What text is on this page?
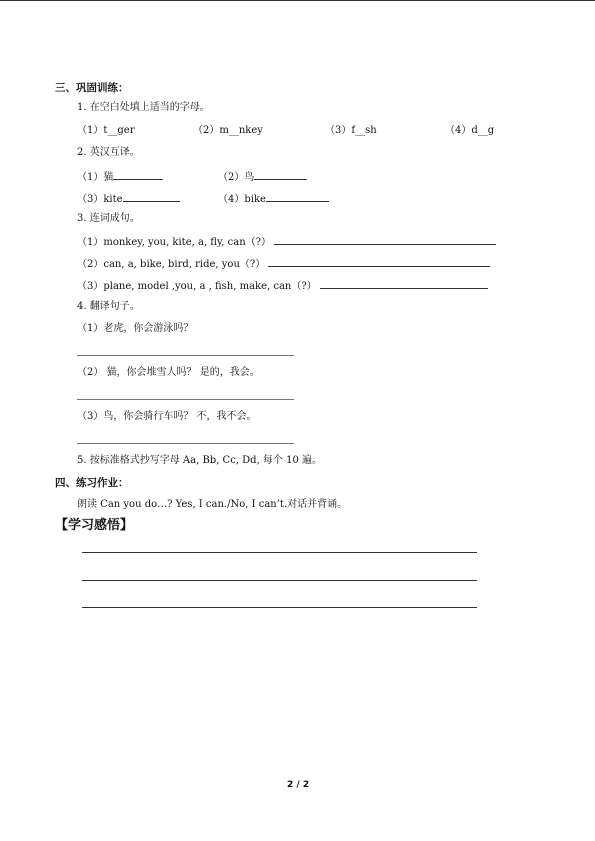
三、巩固训练：
1. 在空白处填上适当的字母。
（1）t__ger	（2）m__nkey	（3）f__sh	（4）d__g
2. 英汉互译。
（1）猫	（2）鸟
（3）kite	（4）bike
3. 连词成句。
（1）monkey, you, kite, a, fly, can（?）
（2）can, a, bike, bird, ride, you（?）
（3）plane, model ,you, a , fish, make, can（?）
4. 翻译句子。
（1）老虎，你会游泳吗？
（2） 猫，你会堆雪人吗？ 是的，我会。
（3）鸟，你会骑行车吗？ 不，我不会。
5. 按标准格式抄写字母 Aa, Bb, Cc, Dd, 每个 10 遍。
四、练习作业：
朗读 Can you do…? Yes, I can./No, I can’t.对话并背诵。
【学习感悟】
2 / 2
